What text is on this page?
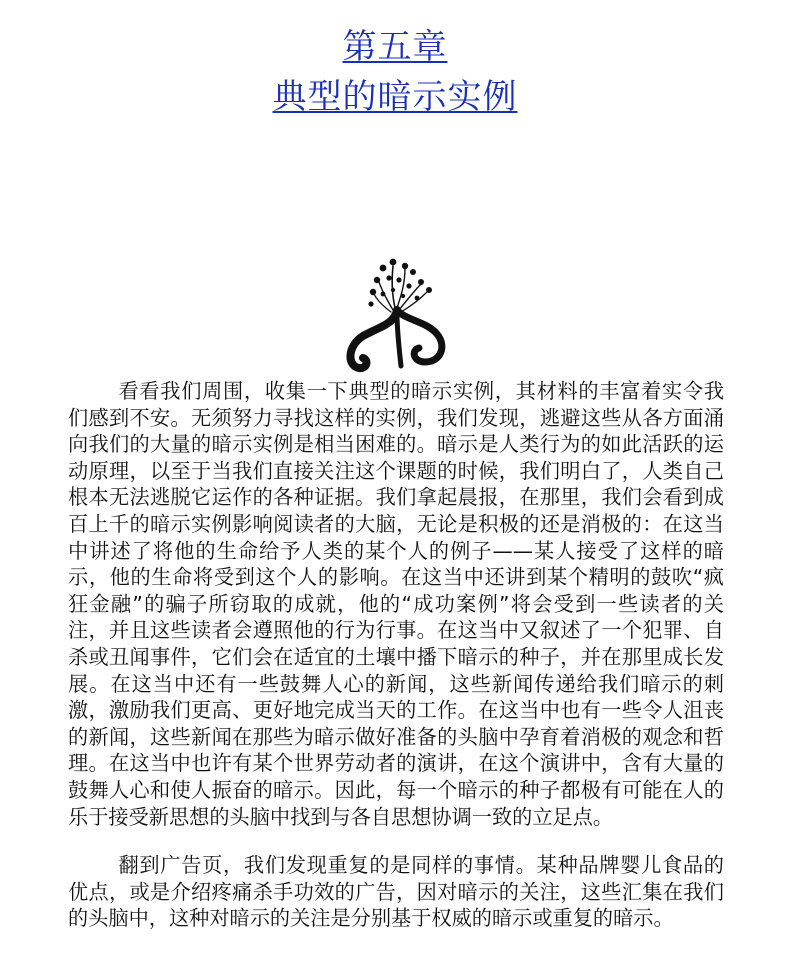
第五章
典型的暗示实例

看看我们周围，收集一下典型的暗示实例，其材料的丰富着实令我们感到不安。无须努力寻找这样的实例，我们发现，逃避这些从各方面涌向我们的大量的暗示实例是相当困难的。暗示是人类行为的如此活跃的运动原理，以至于当我们直接关注这个课题的时候，我们明白了，人类自己根本无法逃脱它运作的各种证据。我们拿起晨报，在那里，我们会看到成百上千的暗示实例影响阅读者的大脑，无论是积极的还是消极的：在这当中讲述了将他的生命给予人类的某个人的例子——某人接受了这样的暗示，他的生命将受到这个人的影响。在这当中还讲到某个精明的鼓吹“疯狂金融”的骗子所窃取的成就，他的“成功案例”将会受到一些读者的关注，并且这些读者会遵照他的行为行事。在这当中又叙述了一个犯罪、自杀或丑闻事件，它们会在适宜的土壤中播下暗示的种子，并在那里成长发展。在这当中还有一些鼓舞人心的新闻，这些新闻传递给我们暗示的刺激，激励我们更高、更好地完成当天的工作。在这当中也有一些令人沮丧的新闻，这些新闻在那些为暗示做好准备的头脑中孕育着消极的观念和哲理。在这当中也许有某个世界劳动者的演讲，在这个演讲中，含有大量的鼓舞人心和使人振奋的暗示。因此，每一个暗示的种子都极有可能在人的乐于接受新思想的头脑中找到与各自思想协调一致的立足点。

翻到广告页，我们发现重复的是同样的事情。某种品牌婴儿食品的优点，或是介绍疼痛杀手功效的广告，因对暗示的关注，这些汇集在我们的头脑中，这种对暗示的关注是分别基于权威的暗示或重复的暗示。
